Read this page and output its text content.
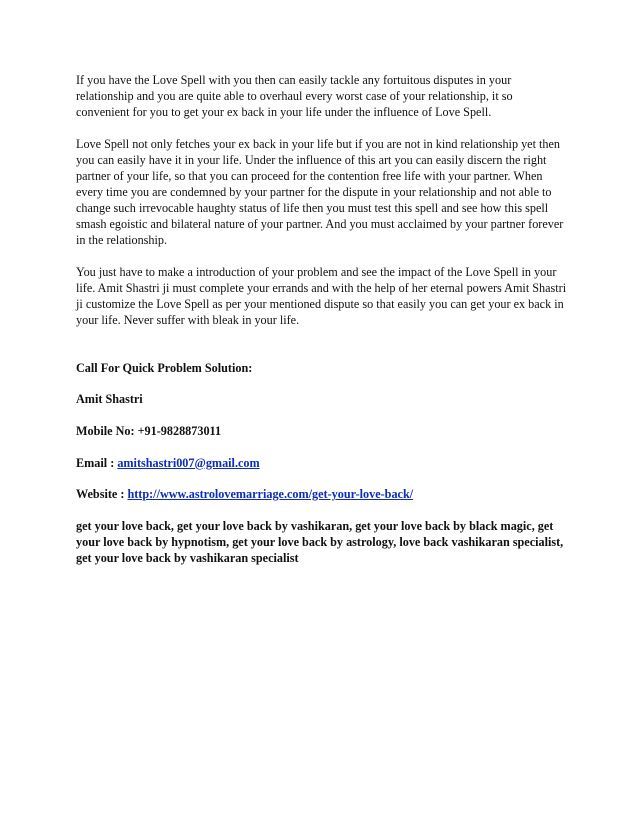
If you have the Love Spell with you then can easily tackle any fortuitous disputes in your relationship and you are quite able to overhaul every worst case of your relationship, it so convenient for you to get your ex back in your life under the influence of Love Spell.

Love Spell not only fetches your ex back in your life but if you are not in kind relationship yet then you can easily have it in your life. Under the influence of this art you can easily discern the right partner of your life, so that you can proceed for the contention free life with your partner. When every time you are condemned by your partner for the dispute in your relationship and not able to change such irrevocable haughty status of life then you must test this spell and see how this spell smash egoistic and bilateral nature of your partner. And you must acclaimed by your partner forever in the relationship.

You just have to make a introduction of your problem and see the impact of the Love Spell in your life. Amit Shastri ji must complete your errands and with the help of her eternal powers Amit Shastri ji customize the Love Spell as per your mentioned dispute so that easily you can get your ex back in your life. Never suffer with bleak in your life.

Call For Quick Problem Solution:
Amit Shastri
Mobile No: +91-9828873011
Email : amitshastri007@gmail.com
Website : http://www.astrolovemarriage.com/get-your-love-back/
get your love back, get your love back by vashikaran, get your love back by black magic, get your love back by hypnotism, get your love back by astrology, love back vashikaran specialist, get your love back by vashikaran specialist
